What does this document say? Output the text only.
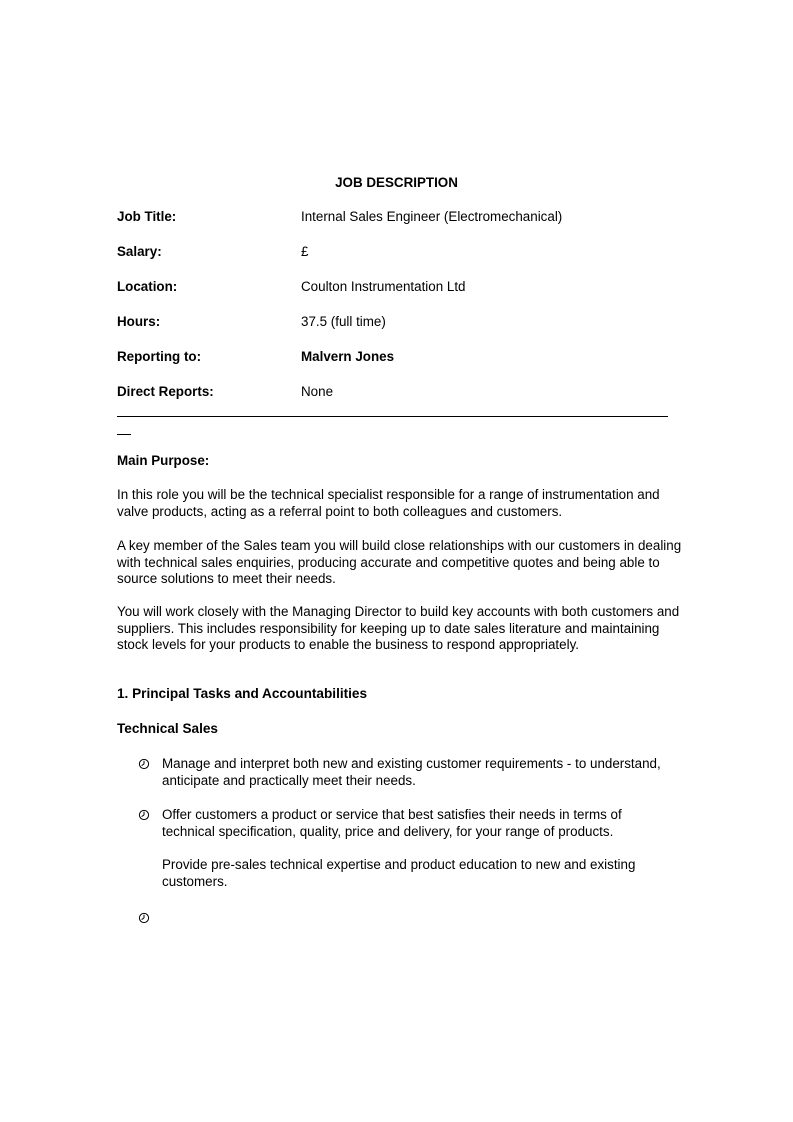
JOB DESCRIPTION
Job Title:	Internal Sales Engineer (Electromechanical)
Salary:	£
Location:	Coulton Instrumentation Ltd
Hours:	37.5 (full time)
Reporting to:	Malvern Jones
Direct Reports:	None
Main Purpose:

In this role you will be the technical specialist responsible for a range of instrumentation and valve products, acting as a referral point to both colleagues and customers.

A key member of the Sales team you will build close relationships with our customers in dealing with technical sales enquiries, producing accurate and competitive quotes and being able to source solutions to meet their needs.

You will work closely with the Managing Director to build key accounts with both customers and suppliers. This includes responsibility for keeping up to date sales literature and maintaining stock levels for your products to enable the business to respond appropriately.

1. Principal Tasks and Accountabilities
Technical Sales

Manage and interpret both new and existing customer requirements - to understand, anticipate and practically meet their needs.

Offer customers a product or service that best satisfies their needs in terms of technical specification, quality, price and delivery, for your range of products.

Provide pre-sales technical expertise and product education to new and existing customers.
